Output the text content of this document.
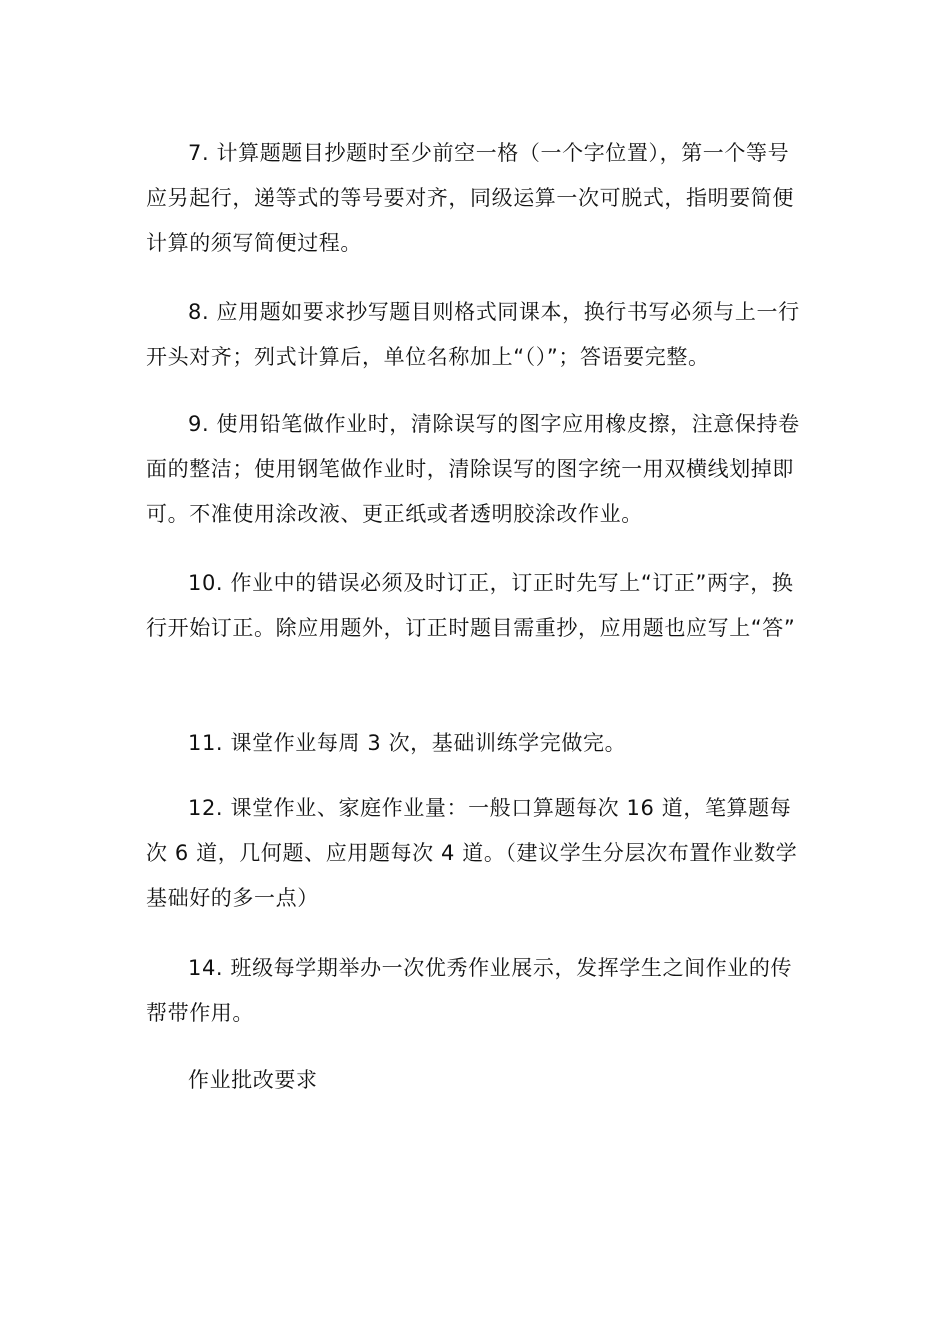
7. 计算题题目抄题时至少前空一格（一个字位置），第一个等号应另起行，递等式的等号要对齐，同级运算一次可脱式，指明要简便计算的须写简便过程。

8. 应用题如要求抄写题目则格式同课本，换行书写必须与上一行开头对齐；列式计算后，单位名称加上“（）”；答语要完整。

9. 使用铅笔做作业时，清除误写的图字应用橡皮擦，注意保持卷面的整洁；使用钢笔做作业时，清除误写的图字统一用双横线划掉即可。不准使用涂改液、更正纸或者透明胶涂改作业。

10. 作业中的错误必须及时订正，订正时先写上“订正”两字，换行开始订正。除应用题外，订正时题目需重抄，应用题也应写上“答”

11. 课堂作业每周 3 次，基础训练学完做完。

12. 课堂作业、家庭作业量：一般口算题每次 16 道，笔算题每次 6 道，几何题、应用题每次 4 道。（建议学生分层次布置作业数学基础好的多一点）

14. 班级每学期举办一次优秀作业展示，发挥学生之间作业的传帮带作用。

作业批改要求
